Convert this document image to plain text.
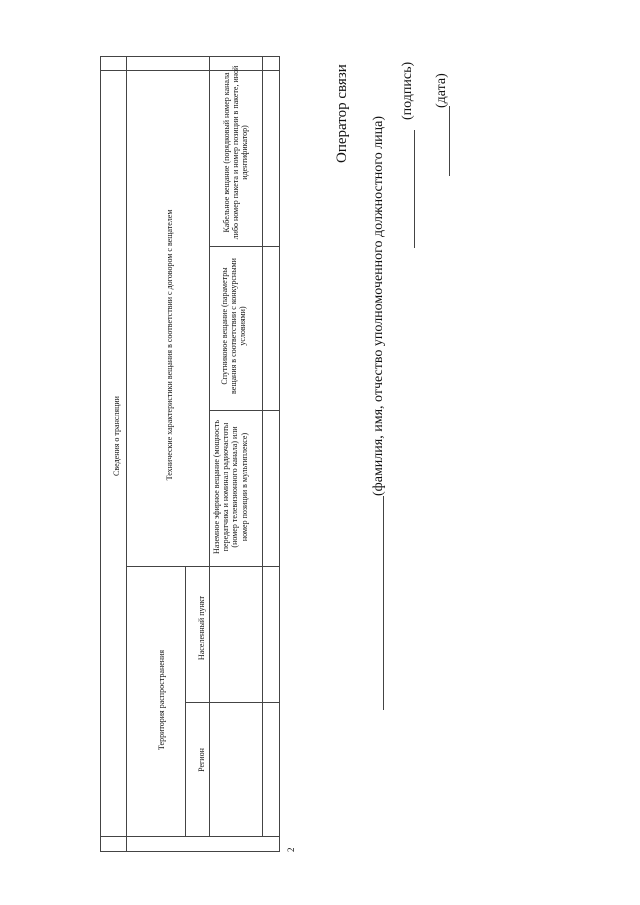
Сведения о трансляции	Технические характеристики вещания в соответствии с договором с вещателем
Территория распространения
Регион
Населенный пункт
Наземное эфирное вещание (мощность передатчика и номинал радиочастоты (номер телевизионного канала) или номер позиции в мультиплексе)
Спутниковое вещание (параметры вещания в соответствии с конкурсными условиями)
Кабельное вещание (порядковый номер канала либо номер пакета и номер позиции в пакете, иной идентификатор)
2
Оператор связи
(фамилия, имя, отчество уполномоченного должностного лица)
(подпись) (дата)
